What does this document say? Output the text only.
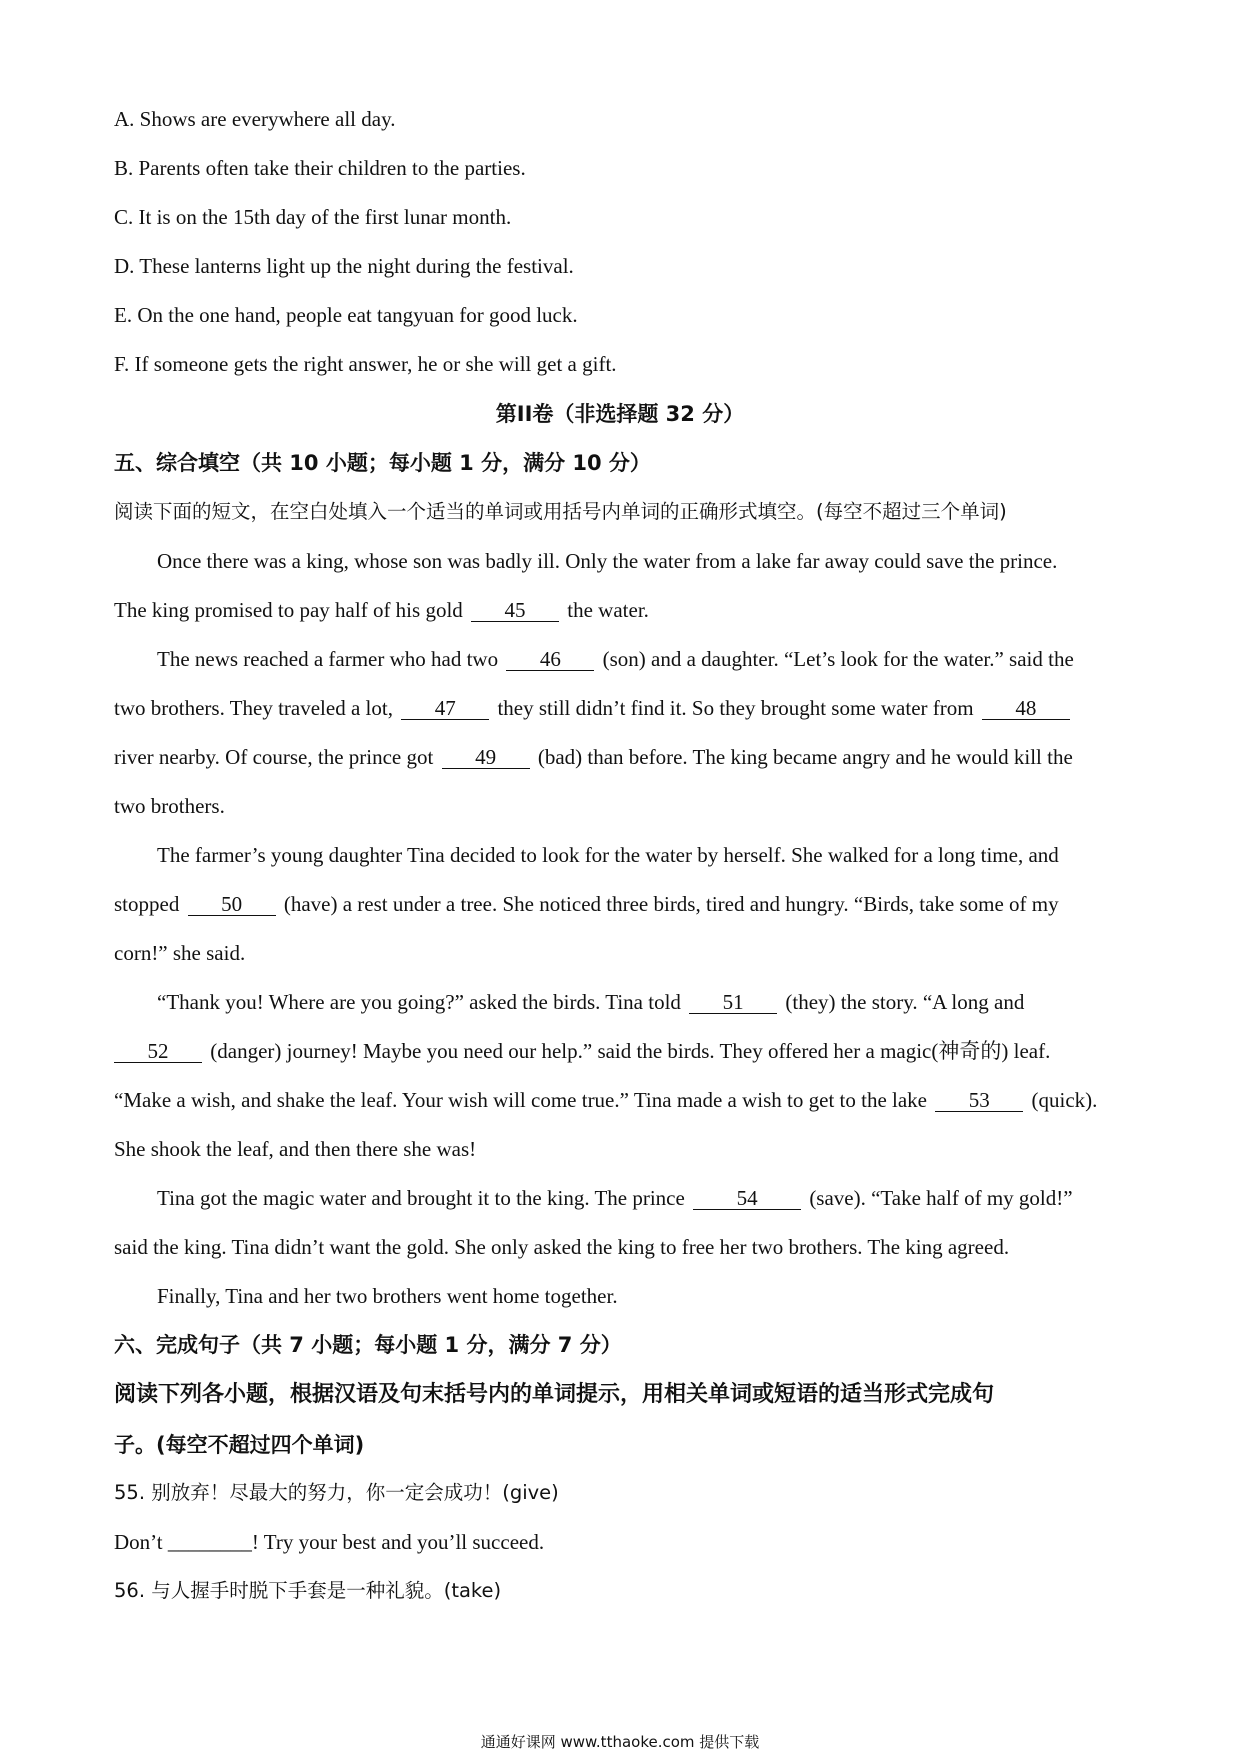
A. Shows are everywhere all day.
B. Parents often take their children to the parties.
C. It is on the 15th day of the first lunar month.
D. These lanterns light up the night during the festival.
E. On the one hand, people eat tangyuan for good luck.
F. If someone gets the right answer, he or she will get a gift.
第II卷（非选择题 32 分）
五、综合填空（共 10 小题；每小题 1 分，满分 10 分）
阅读下面的短文，在空白处填入一个适当的单词或用括号内单词的正确形式填空。(每空不超过三个单词)
Once there was a king, whose son was badly ill. Only the water from a lake far away could save the prince.
The king promised to pay half of his gold 45 the water.
The news reached a farmer who had two 46 (son) and a daughter. “Let’s look for the water.” said the
two brothers. They traveled a lot, 47 they still didn’t find it. So they brought some water from 48
river nearby. Of course, the prince got 49 (bad) than before. The king became angry and he would kill the
two brothers.
The farmer’s young daughter Tina decided to look for the water by herself. She walked for a long time, and
stopped 50 (have) a rest under a tree. She noticed three birds, tired and hungry. “Birds, take some of my
corn!” she said.
“Thank you! Where are you going?” asked the birds. Tina told 51 (they) the story. “A long and
52 (danger) journey! Maybe you need our help.” said the birds. They offered her a magic(神奇的) leaf.
“Make a wish, and shake the leaf. Your wish will come true.” Tina made a wish to get to the lake 53 (quick).
She shook the leaf, and then there she was!
Tina got the magic water and brought it to the king. The prince 54 (save). “Take half of my gold!”
said the king. Tina didn’t want the gold. She only asked the king to free her two brothers. The king agreed.
Finally, Tina and her two brothers went home together.
六、完成句子（共 7 小题；每小题 1 分，满分 7 分）
阅读下列各小题，根据汉语及句末括号内的单词提示，用相关单词或短语的适当形式完成句
子。(每空不超过四个单词)
55. 别放弃！尽最大的努力，你一定会成功！(give)
Don’t ________! Try your best and you’ll succeed.
56. 与人握手时脱下手套是一种礼貌。(take)
通通好课网 www.tthaoke.com 提供下载
